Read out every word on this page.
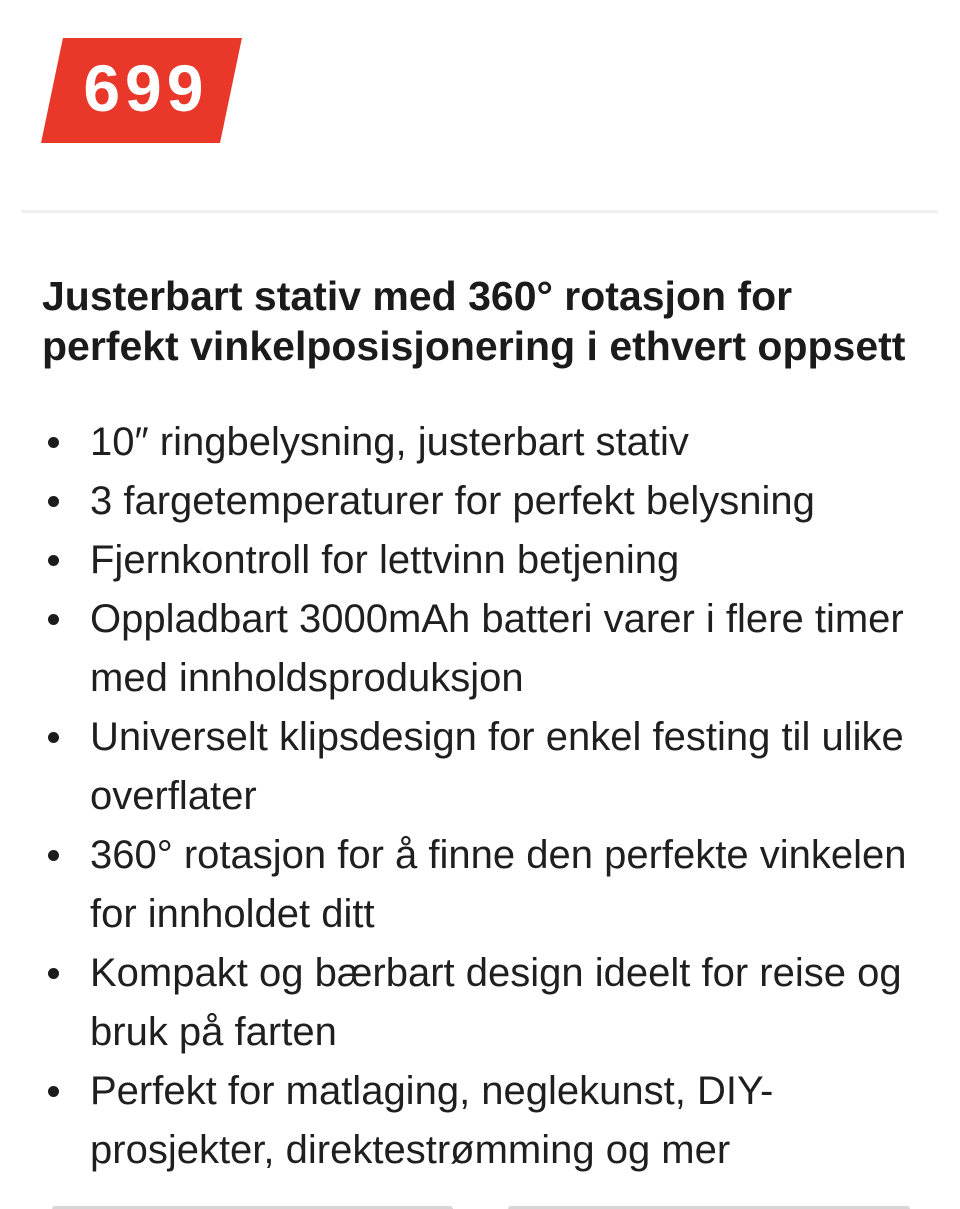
699
Justerbart stativ med 360° rotasjon for perfekt vinkelposisjonering i ethvert oppsett
10″ ringbelysning, justerbart stativ
3 fargetemperaturer for perfekt belysning
Fjernkontroll for lettvinn betjening
Oppladbart 3000mAh batteri varer i flere timer med innholdsproduksjon
Universelt klipsdesign for enkel festing til ulike overflater
360° rotasjon for å finne den perfekte vinkelen for innholdet ditt
Kompakt og bærbart design ideelt for reise og bruk på farten
Perfekt for matlaging, neglekunst, DIY-prosjekter, direktestrømming og mer
